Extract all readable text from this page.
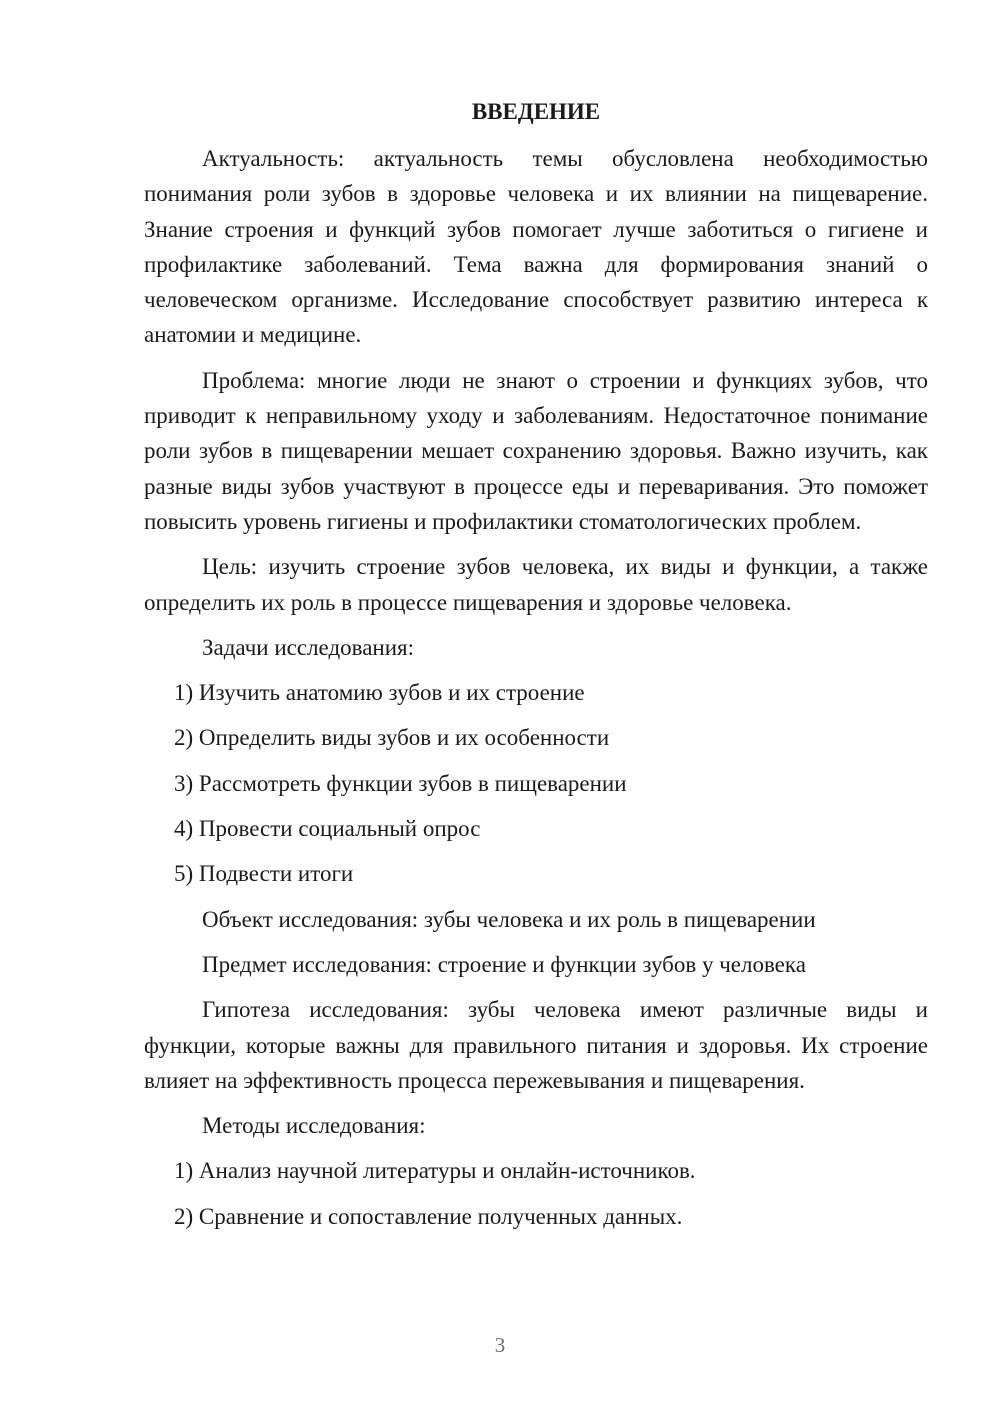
ВВЕДЕНИЕ

Актуальность: актуальность темы обусловлена необходимостью понимания роли зубов в здоровье человека и их влиянии на пищеварение. Знание строения и функций зубов помогает лучше заботиться о гигиене и профилактике заболеваний. Тема важна для формирования знаний о человеческом организме. Исследование способствует развитию интереса к анатомии и медицине.

Проблема: многие люди не знают о строении и функциях зубов, что приводит к неправильному уходу и заболеваниям. Недостаточное понимание роли зубов в пищеварении мешает сохранению здоровья. Важно изучить, как разные виды зубов участвуют в процессе еды и переваривания. Это поможет повысить уровень гигиены и профилактики стоматологических проблем.

Цель: изучить строение зубов человека, их виды и функции, а также определить их роль в процессе пищеварения и здоровье человека.

Задачи исследования:
1) Изучить анатомию зубов и их строение
2) Определить виды зубов и их особенности
3) Рассмотреть функции зубов в пищеварении
4) Провести социальный опрос
5) Подвести итоги
Объект исследования: зубы человека и их роль в пищеварении
Предмет исследования: строение и функции зубов у человека

Гипотеза исследования: зубы человека имеют различные виды и функции, которые важны для правильного питания и здоровья. Их строение влияет на эффективность процесса пережевывания и пищеварения.

Методы исследования:
1) Анализ научной литературы и онлайн-источников.
2) Сравнение и сопоставление полученных данных.
3
